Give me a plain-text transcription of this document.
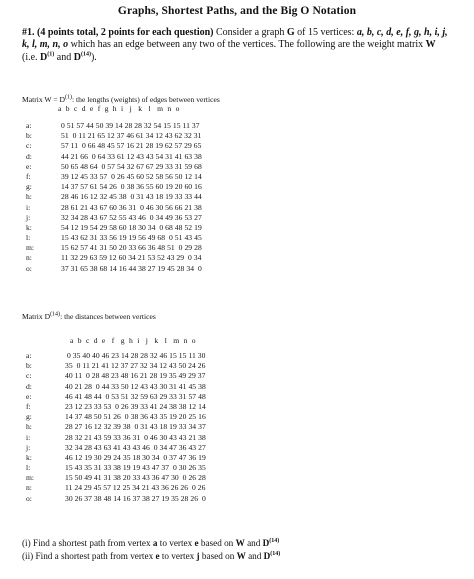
Graphs, Shortest Paths, and the Big O Notation
#1. (4 points total, 2 points for each question) Consider a graph G of 15 vertices: a, b, c, d, e, f, g, h, i, j, k, l, m, n, o which has an edge between any two of the vertices. The following are the weight matrix W (i.e. $D^{(1)}$ and $D^{(14)}$).
Matrix $W = D^{(1)}$: the lengths (weights) of edges between vertices
a  b  c  d  e  f  g  h  i   j   k   l   m  n  o
a:	0 51 57 44 50 39 14 28 28 32 54 15 15 11 37
b:	51  0 11 21 65 12 37 46 61 34 12 43 62 32 31
c:	57 11  0 66 48 45 57 16 21 28 19 62 57 29 65
d:	44 21 66  0 64 33 61 12 43 43 54 31 41 63 38
e:	50 65 48 64  0 57 54 32 67 67 29 33 31 59 68
f:	39 12 45 33 57  0 26 45 60 52 58 56 50 12 14
g:	14 37 57 61 54 26  0 38 36 55 60 19 20 60 16
h:	28 46 16 12 32 45 38  0 31 43 18 19 33 33 44
i:	28 61 21 43 67 60 36 31  0 46 30 56 66 21 38
j:	32 34 28 43 67 52 55 43 46  0 34 49 36 53 27
k:	54 12 19 54 29 58 60 18 30 34  0 68 48 52 19
l:	15 43 62 31 33 56 19 19 56 49 68  0 51 43 45
m:	15 62 57 41 31 50 20 33 66 36 48 51  0 29 28
n:	11 32 29 63 59 12 60 34 21 53 52 43 29  0 34
o:	37 31 65 38 68 14 16 44 38 27 19 45 28 34  0
Matrix $D^{(14)}$: the distances between vertices
a  b  c  d  e   f   g  h  i   j   k   l   m  n  o
a:	0 35 40 40 46 23 14 28 28 32 46 15 15 11 30
b:	35  0 11 21 41 12 37 27 32 34 12 43 50 24 26
c:	40 11  0 28 48 23 48 16 21 28 19 35 49 29 37
d:	40 21 28  0 44 33 50 12 43 43 30 31 41 45 38
e:	46 41 48 44  0 53 51 32 59 63 29 33 31 57 48
f:	23 12 23 33 53  0 26 39 33 41 24 38 38 12 14
g:	14 37 48 50 51 26  0 38 36 43 35 19 20 25 16
h:	28 27 16 12 32 39 38  0 31 43 18 19 33 34 37
i:	28 32 21 43 59 33 36 31  0 46 30 43 43 21 38
j:	32 34 28 43 63 41 43 43 46  0 34 47 36 43 27
k:	46 12 19 30 29 24 35 18 30 34  0 37 47 36 19
l:	15 43 35 31 33 38 19 19 43 47 37  0 30 26 35
m:	15 50 49 41 31 38 20 33 43 36 47 30  0 26 28
n:	11 24 29 45 57 12 25 34 21 43 36 26 26  0 26
o:	30 26 37 38 48 14 16 37 38 27 19 35 28 26  0
(i) Find a shortest path from vertex a to vertex e based on W and $D^{(14)}$
(ii) Find a shortest path from vertex e to vertex j based on W and $D^{(14)}$
